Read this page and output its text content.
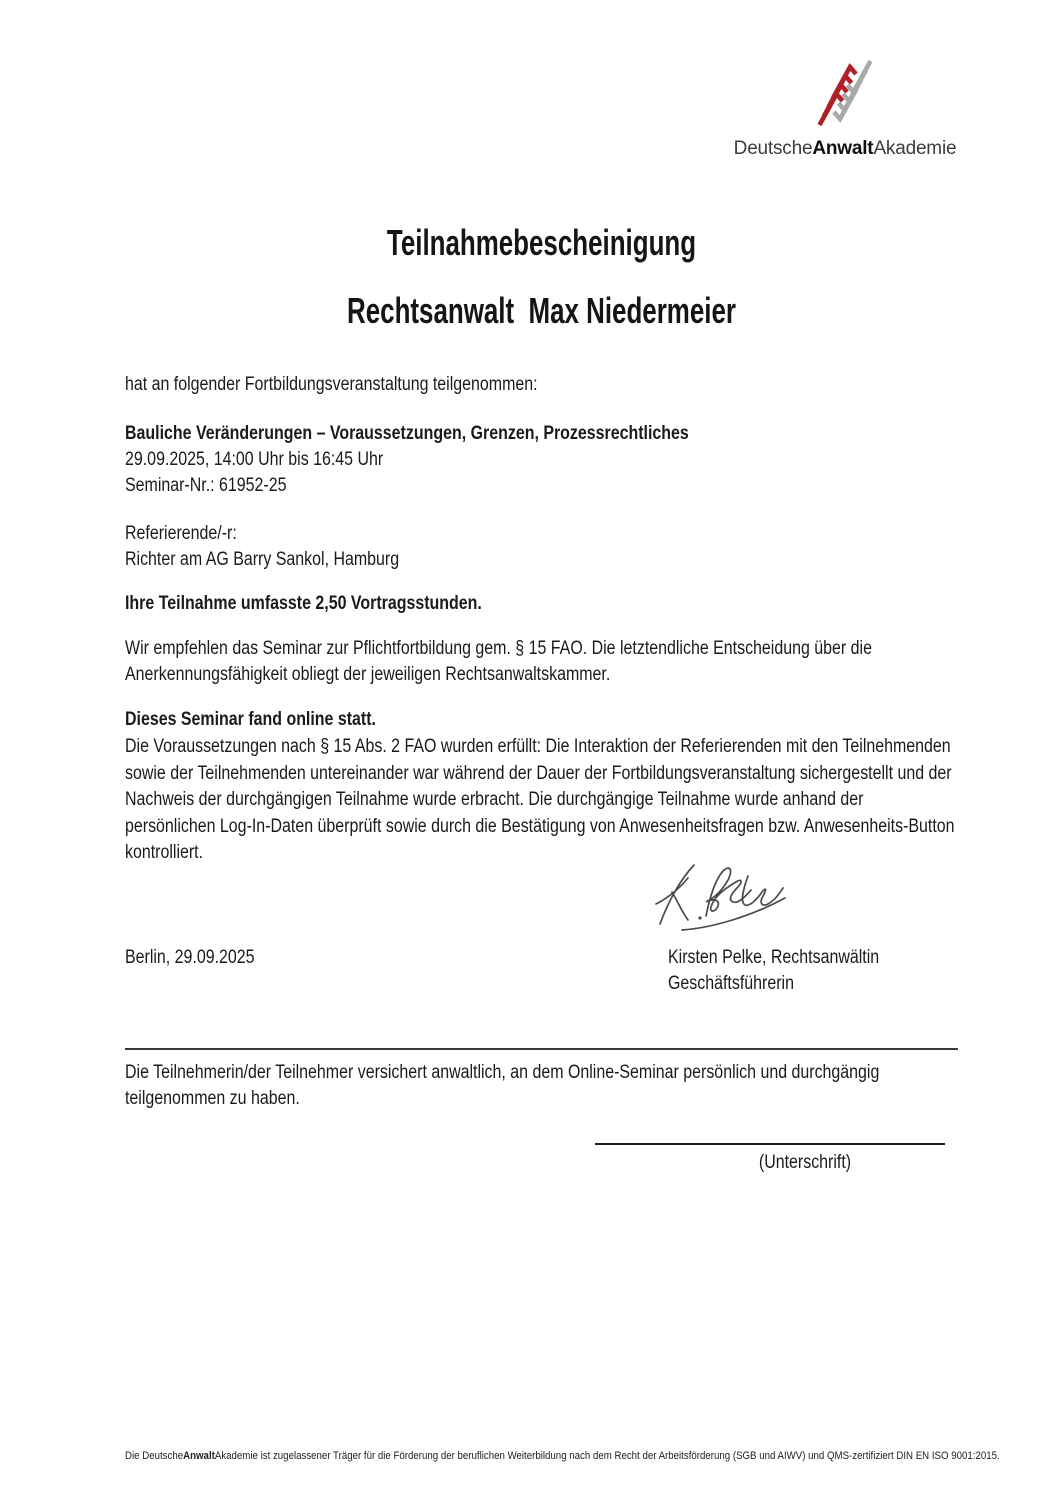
DeutscheAnwaltAkademie
Teilnahmebescheinigung
Rechtsanwalt  Max Niedermeier
hat an folgender Fortbildungsveranstaltung teilgenommen:
Bauliche Veränderungen – Voraussetzungen, Grenzen, Prozessrechtliches
29.09.2025, 14:00 Uhr bis 16:45 Uhr
Seminar-Nr.: 61952-25
Referierende/-r:
Richter am AG Barry Sankol, Hamburg
Ihre Teilnahme umfasste 2,50 Vortragsstunden.
Wir empfehlen das Seminar zur Pflichtfortbildung gem. § 15 FAO. Die letztendliche Entscheidung über die Anerkennungsfähigkeit obliegt der jeweiligen Rechtsanwaltskammer.
Dieses Seminar fand online statt.
Die Voraussetzungen nach § 15 Abs. 2 FAO wurden erfüllt: Die Interaktion der Referierenden mit den Teilnehmenden sowie der Teilnehmenden untereinander war während der Dauer der Fortbildungsveranstaltung sichergestellt und der Nachweis der durchgängigen Teilnahme wurde erbracht. Die durchgängige Teilnahme wurde anhand der persönlichen Log-In-Daten überprüft sowie durch die Bestätigung von Anwesenheitsfragen bzw. Anwesenheits-Button kontrolliert.
Berlin, 29.09.2025	Kirsten Pelke, Rechtsanwältin
Geschäftsführerin
Die Teilnehmerin/der Teilnehmer versichert anwaltlich, an dem Online-Seminar persönlich und durchgängig teilgenommen zu haben.
(Unterschrift)
Die DeutscheAnwaltAkademie ist zugelassener Träger für die Förderung der beruflichen Weiterbildung nach dem Recht der Arbeitsförderung (SGB und AIWV) und QMS-zertifiziert DIN EN ISO 9001:2015.
